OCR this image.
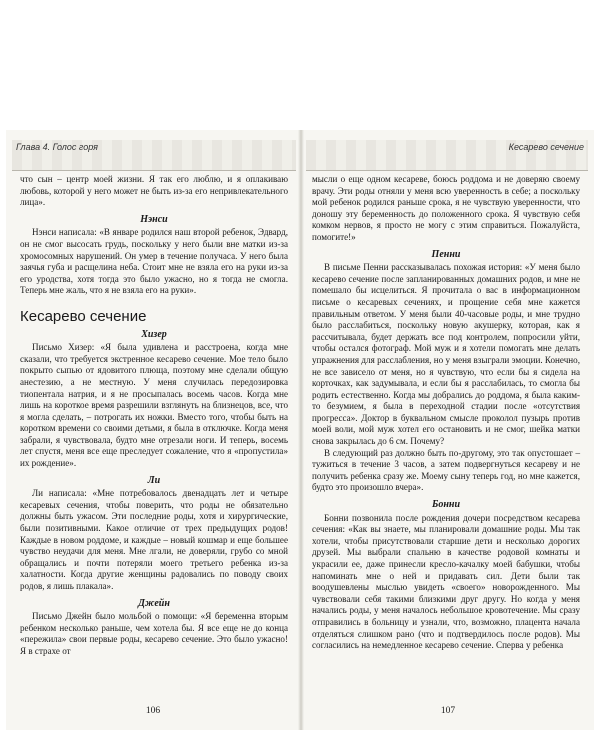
Глава 4. Голос горя

что сын – центр моей жизни. Я так его люблю, и я оплакиваю любовь, которой у него может не быть из-за его непривлекательного лица».

Нэнси

Нэнси написала: «В январе родился наш второй ребенок, Эдвард, он не смог высосать грудь, поскольку у него были вне матки из-за хромосомных нарушений. Он умер в течение получаса. У него была заячья губа и расщелина неба. Стоит мне не взяла его на руки из-за его уродства, хотя тогда это было ужасно, но я тогда не смогла. Теперь мне жаль, что я не взяла его на руки».

Кесарево сечение
Хизер

Письмо Хизер: «Я была удивлена и расстроена, когда мне сказали, что требуется экстренное кесарево сечение. Мое тело было покрыто сыпью от ядовитого плюща, поэтому мне сделали общую анестезию, а не местную. У меня случилась передозировка тиопентала натрия, и я не просыпалась восемь часов. Когда мне лишь на короткое время разрешили взглянуть на близнецов, все, что я могла сделать, – потрогать их ножки. Вместо того, чтобы быть на коротком времени со своими детьми, я была в отключке. Когда меня забрали, я чувствовала, будто мне отрезали ноги. И теперь, восемь лет спустя, меня все еще преследует сожаление, что я «пропустила» их рождение».

Ли

Ли написала: «Мне потребовалось двенадцать лет и четыре кесаревых сечения, чтобы поверить, что роды не обязательно должны быть ужасом. Эти последние роды, хотя и хирургические, были позитивными. Какое отличие от трех предыдущих родов! Каждые в новом роддоме, и каждые – новый кошмар и еще большее чувство неудачи для меня. Мне лгали, не доверяли, грубо со мной обращались и почти потеряли моего третьего ребенка из-за халатности. Когда другие женщины радовались по поводу своих родов, я лишь плакала».

Джейн

Письмо Джейн было мольбой о помощи: «Я беременна вторым ребенком несколько раньше, чем хотела бы. Я все еще не до конца «пережила» свои первые роды, кесарево сечение. Это было ужасно! Я в страхе от

106
Кесарево сечение

мысли о еще одном кесареве, боюсь роддома и не доверяю своему врачу. Эти роды отняли у меня всю уверенность в себе; а поскольку мой ребенок родился раньше срока, я не чувствую уверенности, что доношу эту беременность до положенного срока. Я чувствую себя комком нервов, я просто не могу с этим справиться. Пожалуйста, помогите!»

Пенни

В письме Пенни рассказывалась похожая история: «У меня было кесарево сечение после запланированных домашних родов, и мне не помешало бы исцелиться. Я прочитала о вас в информационном письме о кесаревых сечениях, и прощение себя мне кажется правильным ответом. У меня были 40-часовые роды, и мне трудно было расслабиться, поскольку новую акушерку, которая, как я рассчитывала, будет держать все под контролем, попросили уйти, чтобы остался фотограф. Мой муж и я хотели помогать мне делать упражнения для расслабления, но у меня взыграли эмоции. Конечно, не все зависело от меня, но я чувствую, что если бы я сидела на корточках, как задумывала, и если бы я расслабилась, то смогла бы родить естественно. Когда мы добрались до роддома, я была каким-то безумием, я была в переходной стадии после «отсутствия прогресса». Доктор в буквальном смысле проколол пузырь против моей воли, мой муж хотел его остановить и не смог, шейка матки снова закрылась до 6 см. Почему?

В следующий раз должно быть по-другому, это так опустошает – тужиться в течение 3 часов, а затем подвергнуться кесареву и не получить ребенка сразу же. Моему сыну теперь год, но мне кажется, будто это произошло вчера».

Бонни

Бонни позвонила после рождения дочери посредством кесарева сечения: «Как вы знаете, мы планировали домашние роды. Мы так хотели, чтобы присутствовали старшие дети и несколько дорогих друзей. Мы выбрали спальню в качестве родовой комнаты и украсили ее, даже принесли кресло-качалку моей бабушки, чтобы напоминать мне о ней и придавать сил. Дети были так воодушевлены мыслью увидеть «своего» новорожденного. Мы чувствовали себя такими близкими друг другу. Но когда у меня начались роды, у меня началось небольшое кровотечение. Мы сразу отправились в больницу и узнали, что, возможно, плацента начала отделяться слишком рано (что и подтвердилось после родов). Мы согласились на немедленное кесарево сечение. Сперва у ребенка

107
